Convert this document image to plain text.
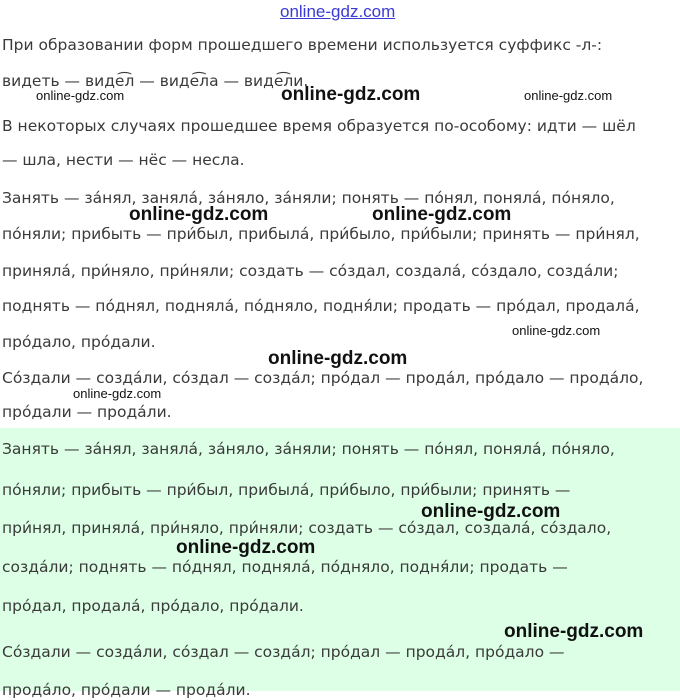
online-gdz.com
При образовании форм прошедшего времени используется суффикс -л-:
видеть — виде͡л — виде͡ла — виде͡ли.
В некоторых случаях прошедшее время образуется по-особому: идти — шёл
— шла, нести — нёс — несла.
Занять — за́нял, заняла́, за́няло, за́няли; понять — по́нял, поняла́, по́няло,
по́няли; прибыть — при́был, прибыла́, при́было, при́были; принять — при́нял,
приняла́, при́няло, при́няли; создать — со́здал, создала́, со́здало, созда́ли;
поднять — по́днял, подняла́, по́дняло, подня́ли; продать — про́дал, продала́,
про́дало, про́дали.
Со́здали — созда́ли, со́здал — созда́л; про́дал — прода́л, про́дало — прода́ло,
про́дали — прода́ли.
Занять — за́нял, заняла́, за́няло, за́няли; понять — по́нял, поняла́, по́няло,
по́няли; прибыть — при́был, прибыла́, при́было, при́были; принять —
при́нял, приняла́, при́няло, при́няли; создать — со́здал, создала́, со́здало,
созда́ли; поднять — по́днял, подняла́, по́дняло, подня́ли; продать —
про́дал, продала́, про́дало, про́дали.
Со́здали — созда́ли, со́здал — созда́л; про́дал — прода́л, про́дало —
прода́ло, про́дали — прода́ли.
online-gdz.com	online-gdz.com	online-gdz.com
online-gdz.com	online-gdz.com
online-gdz.com
online-gdz.com
online-gdz.com
online-gdz.com
online-gdz.com
online-gdz.com
